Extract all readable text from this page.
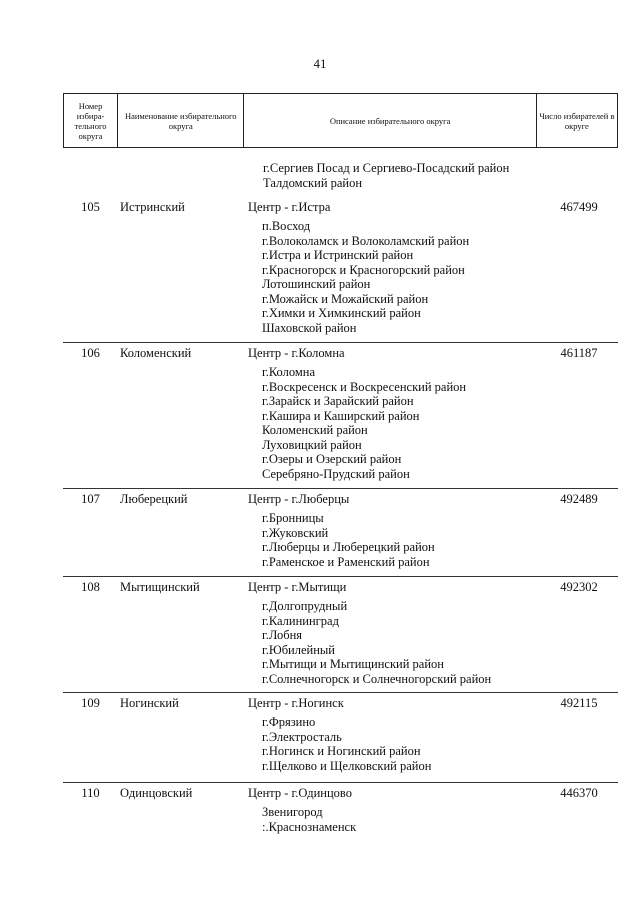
41
Номер избира- тельного округа	Наименование избирательного округа	Описание избирательного округа	Число избирателей в округе
г.Сергиев Посад и Сергиево-Посадский район
Талдомский район
105	Истринский	Центр - г.Истра	467499
п.Восход
г.Волоколамск и Волоколамский район
г.Истра и Истринский район
г.Красногорск и Красногорский район
Лотошинский район
г.Можайск и Можайский район
г.Химки и Химкинский район
Шаховской район
106	Коломенский	Центр - г.Коломна	461187
г.Коломна
г.Воскресенск и Воскресенский район
г.Зарайск и Зарайский район
г.Кашира и Каширский район
Коломенский район
Луховицкий район
г.Озеры и Озерский район
Серебряно-Прудский район
107	Люберецкий	Центр - г.Люберцы	492489
г.Бронницы
г.Жуковский
г.Люберцы и Люберецкий район
г.Раменское и Раменский район
108	Мытищинский	Центр - г.Мытищи	492302
г.Долгопрудный
г.Калининград
г.Лобня
г.Юбилейный
г.Мытищи и Мытищинский район
г.Солнечногорск и Солнечногорский район
109	Ногинский	Центр - г.Ногинск	492115
г.Фрязино
г.Электросталь
г.Ногинск и Ногинский район
г.Щелково и Щелковский район
110	Одинцовский	Цeнтр - г.Одинцово	446370
Звенигород
:.Краснознаменск
